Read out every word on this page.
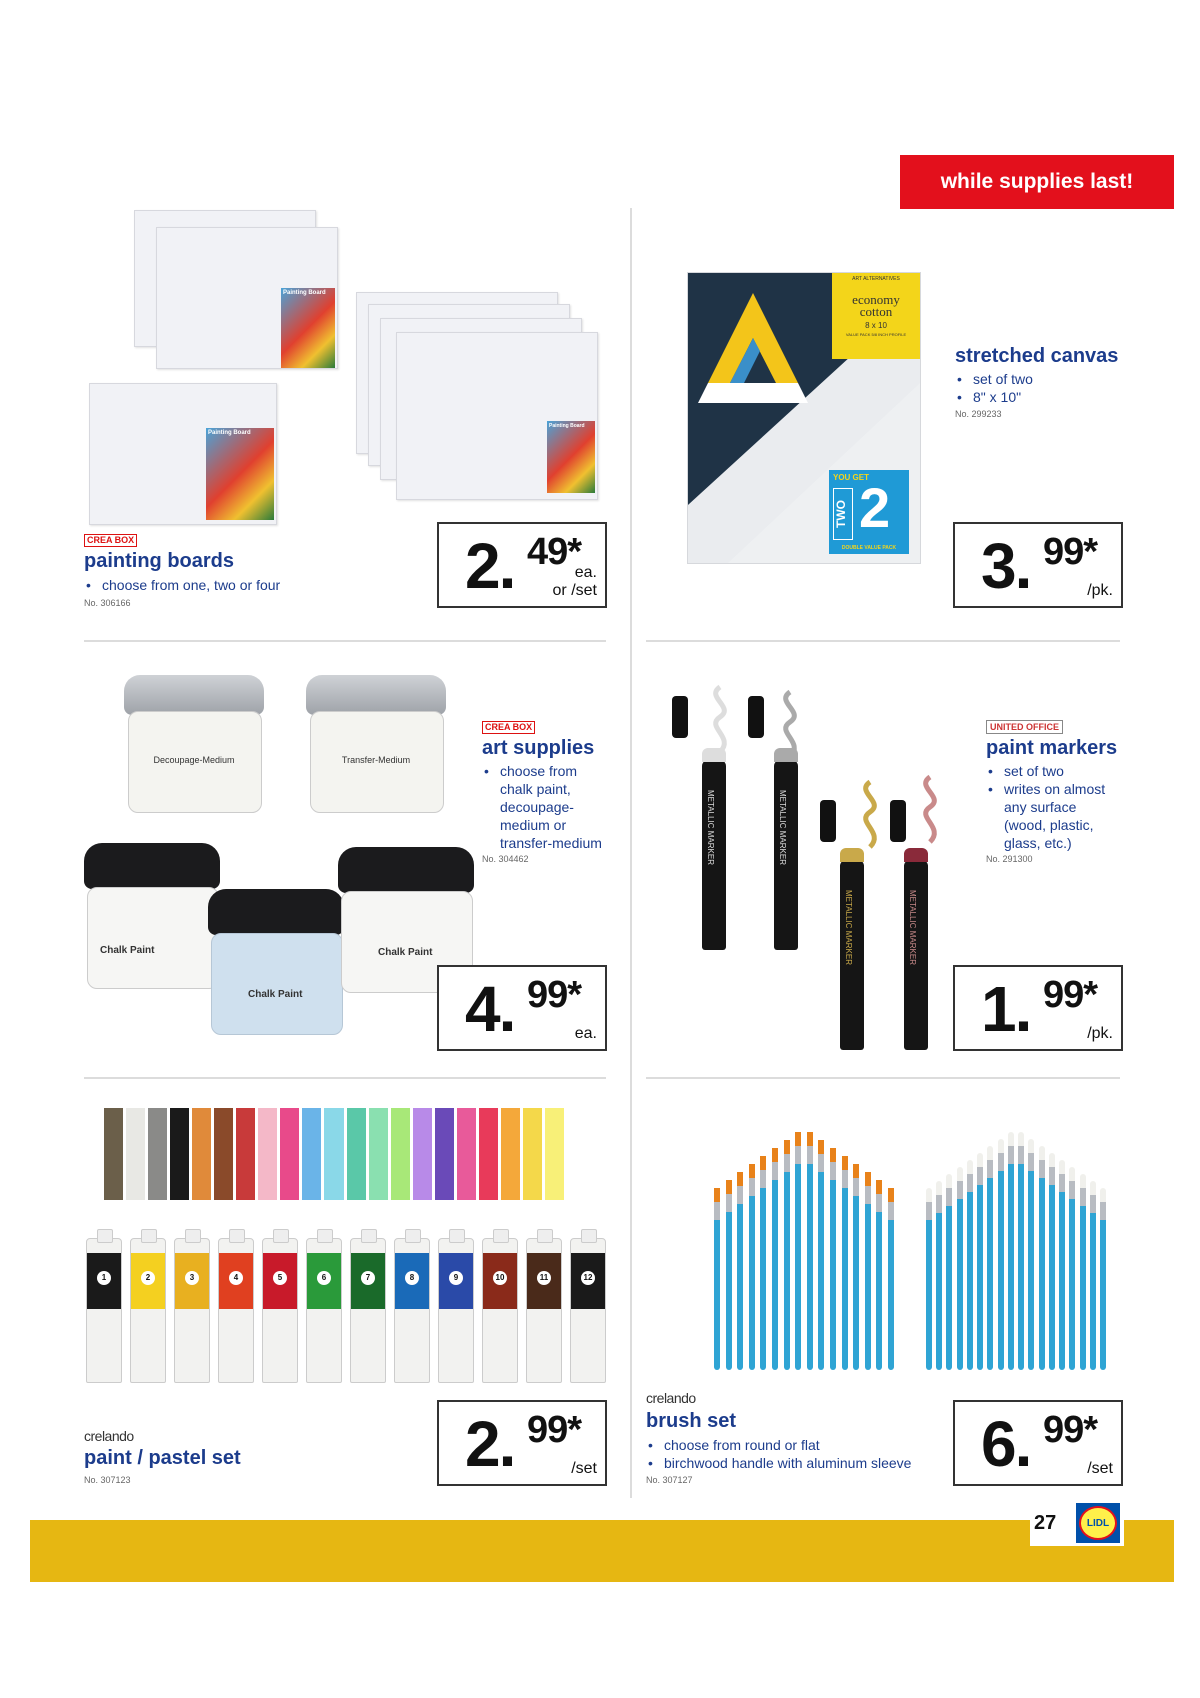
while supplies last!
Painting Board
Painting Board
Painting Board
CREA BOX
painting boards
• choose from one, two or four
No. 306166
2. 49*
ea.
or /set
ART ALTERNATIVES
economy
cotton
8 x 10
VALUE PACK 5/8 INCH PROFILE
YOU GET
TWO 2
DOUBLE VALUE PACK
stretched canvas
• set of two
• 8" x 10"
No. 299233
3. 99*
/pk.
Decoupage-Medium	Transfer-Medium
Chalk Paint
Chalk Paint
Chalk Paint
CREA BOX
art supplies
• choose from chalk paint, decoupage-medium or transfer-medium
No. 304462
4. 99*
ea.
METALLIC MARKER	METALLIC MARKER
METALLIC MARKER	METALLIC MARKER
UNITED OFFICE
paint markers
• set of two
• writes on almost any surface (wood, plastic, glass, etc.)
No. 291300
1. 99*
/pk.
1	2	3	4	5	6	7	8	9	10	11	12
crelando
paint / pastel set
No. 307123	2. 99*
/set
crelando
brush set
• choose from round or flat
• birchwood handle with aluminum sleeve
No. 307127	6. 99*
/set
27	LIDL
